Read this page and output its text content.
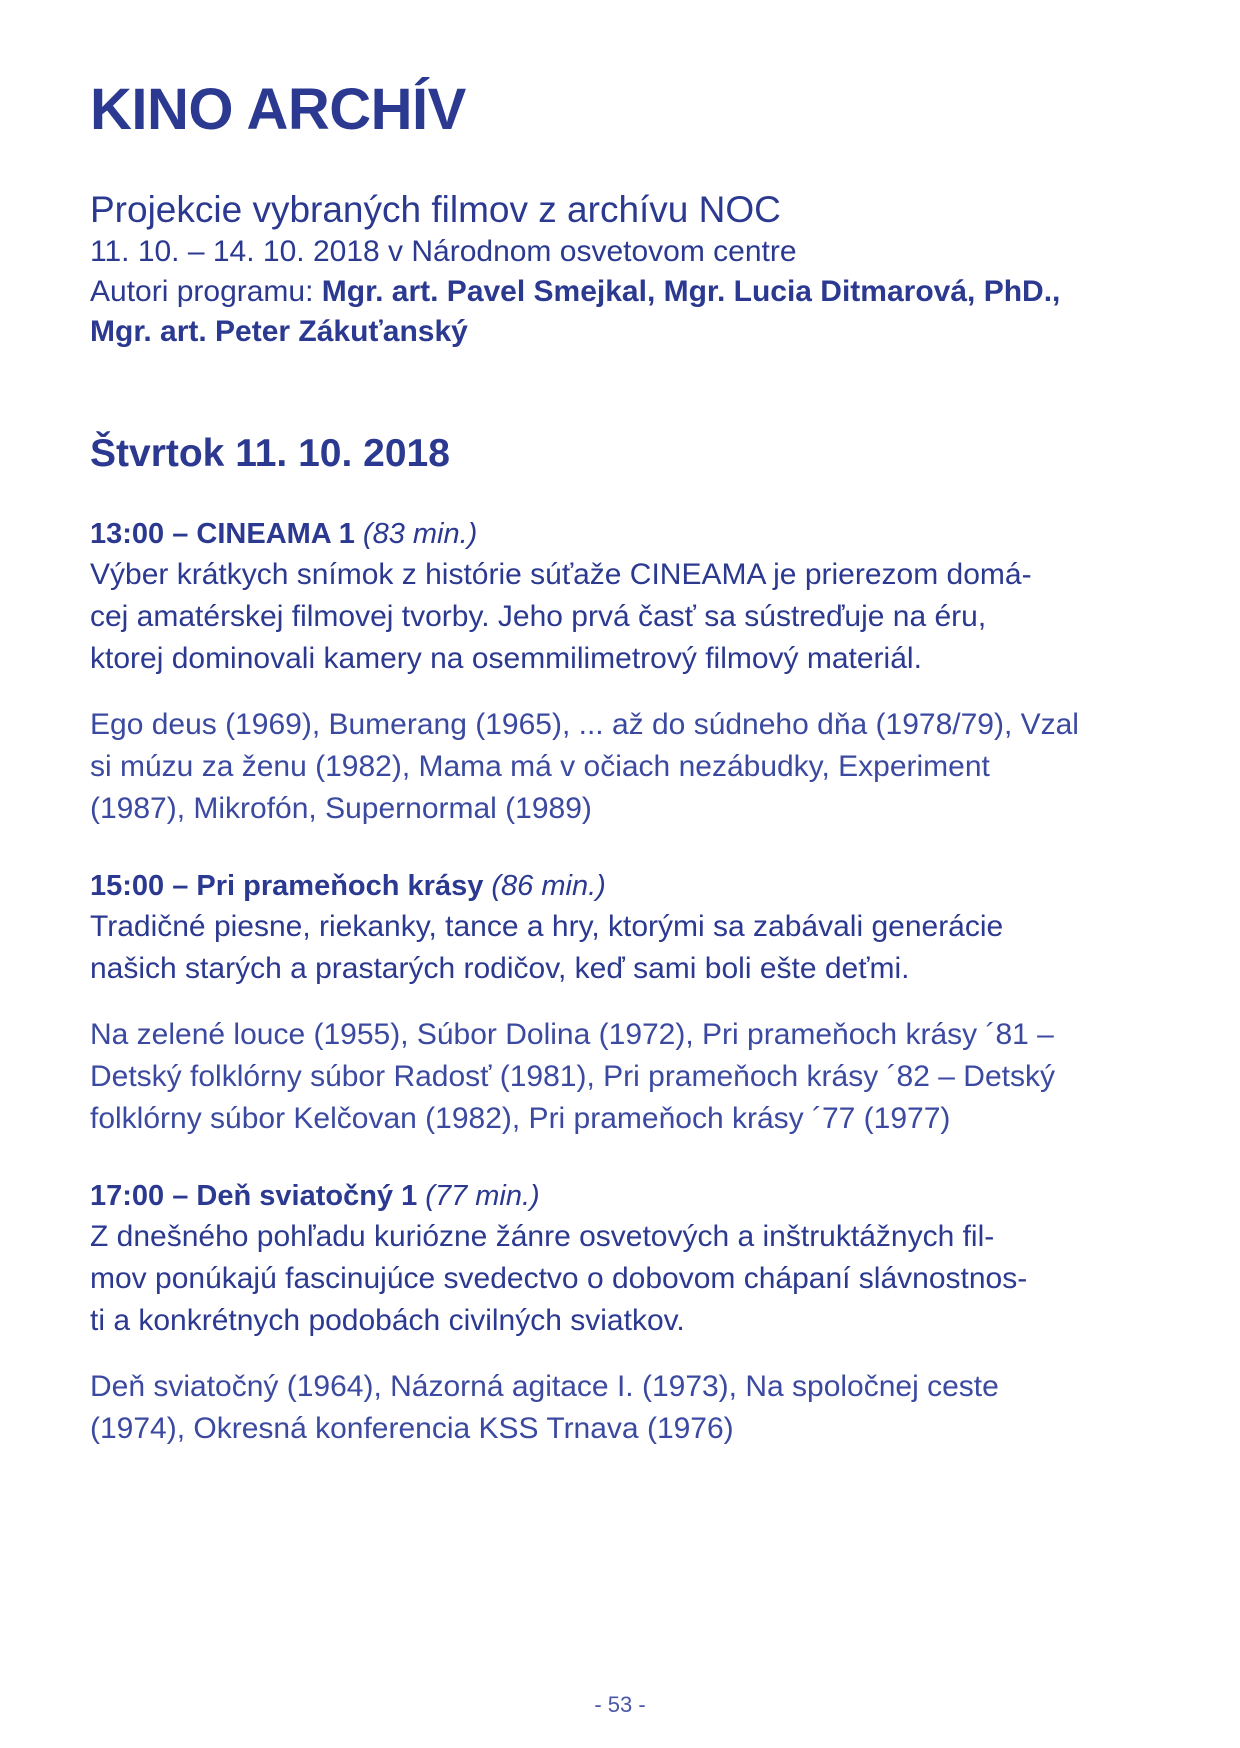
KINO ARCHÍV
Projekcie vybraných filmov z archívu NOC
11. 10. – 14. 10. 2018 v Národnom osvetovom centre
Autori programu: Mgr. art. Pavel Smejkal, Mgr. Lucia Ditmarová, PhD.,
Mgr. art. Peter Zákuťanský
Štvrtok 11. 10. 2018
13:00 – CINEAMA 1 (83 min.)
Výber krátkych snímok z histórie súťaže CINEAMA je prierezom domá-
cej amatérskej filmovej tvorby. Jeho prvá časť sa sústreďuje na éru,
ktorej dominovali kamery na osemmilimetrový filmový materiál.
Ego deus (1969), Bumerang (1965), ... až do súdneho dňa (1978/79), Vzal
si múzu za ženu (1982), Mama má v očiach nezábudky, Experiment
(1987), Mikrofón, Supernormal (1989)
15:00 – Pri prameňoch krásy (86 min.)
Tradičné piesne, riekanky, tance a hry, ktorými sa zabávali generácie
našich starých a prastarých rodičov, keď sami boli ešte deťmi.
Na zelené louce (1955), Súbor Dolina (1972), Pri prameňoch krásy ´81 –
Detský folklórny súbor Radosť (1981), Pri prameňoch krásy ´82 – Detský
folklórny súbor Kelčovan (1982), Pri prameňoch krásy ´77 (1977)
17:00 – Deň sviatočný 1 (77 min.)
Z dnešného pohľadu kuriózne žánre osvetových a inštruktážnych fil-
mov ponúkajú fascinujúce svedectvo o dobovom chápaní slávnostnos-
ti a konkrétnych podobách civilných sviatkov.
Deň sviatočný (1964), Názorná agitace I. (1973), Na spoločnej ceste
(1974), Okresná konferencia KSS Trnava (1976)
- 53 -
